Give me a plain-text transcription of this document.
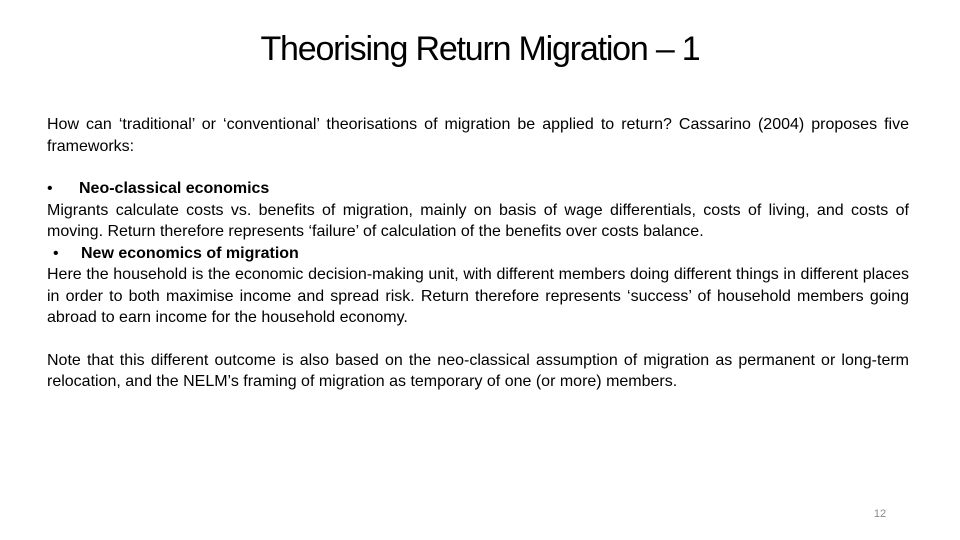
Theorising Return Migration – 1

How can ‘traditional’ or ‘conventional’ theorisations of migration be applied to return? Cassarino (2004) proposes five frameworks:

• Neo-classical economics

Migrants calculate costs vs. benefits of migration, mainly on basis of wage differentials, costs of living, and costs of moving. Return therefore represents ‘failure’ of calculation of the benefits over costs balance.

• New economics of migration

Here the household is the economic decision-making unit, with different members doing different things in different places in order to both maximise income and spread risk. Return therefore represents ‘success’ of household members going abroad to earn income for the household economy.

Note that this different outcome is also based on the neo-classical assumption of migration as permanent or long-term relocation, and the NELM’s framing of migration as temporary of one (or more) members.

12
